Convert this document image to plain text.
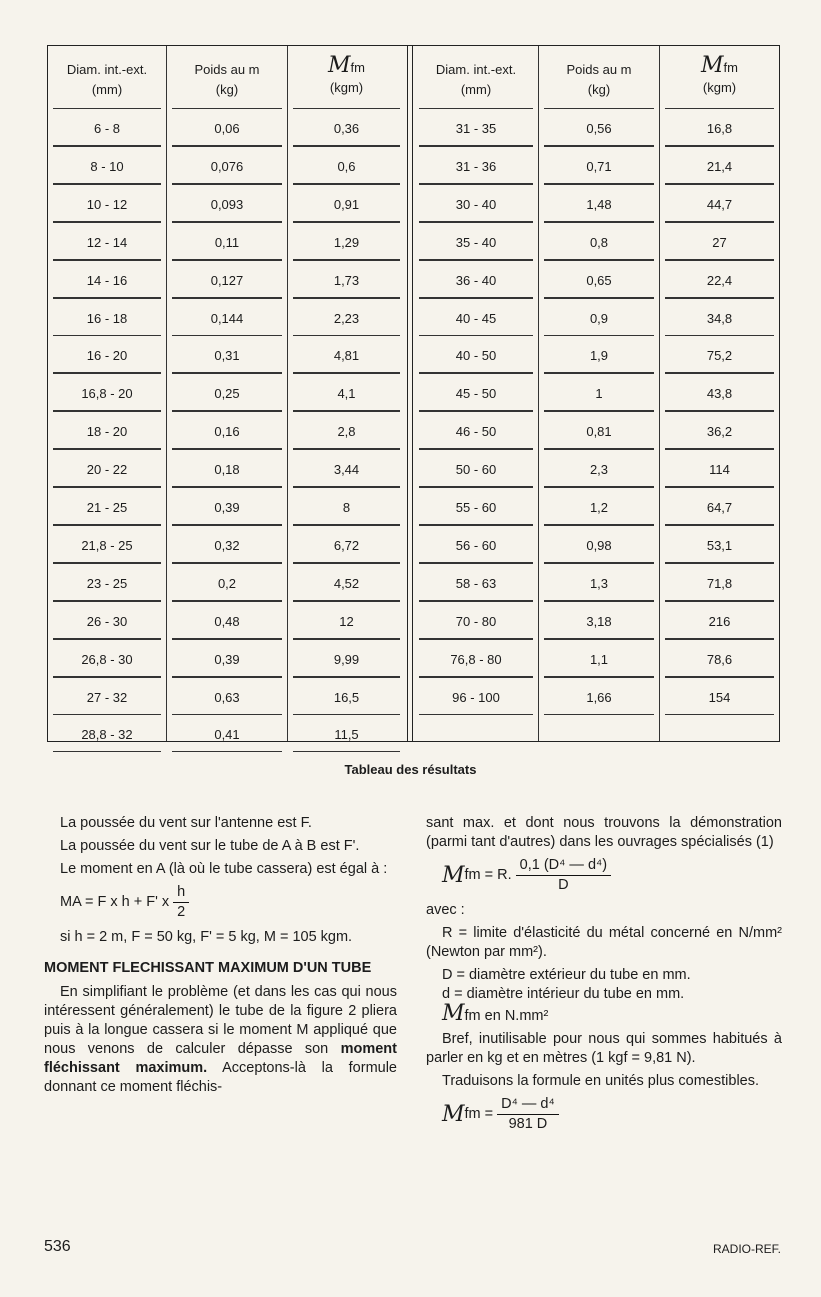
Diam. int.-ext.
(mm)
Poids au m
(kg)
Mfm
(kgm)
6 - 8	0,06	0,36
8 - 10	0,076	0,6
10 - 12	0,093	0,91
12 - 14	0,11	1,29
14 - 16	0,127	1,73
16 - 18	0,144	2,23
16 - 20	0,31	4,81
16,8 - 20	0,25	4,1
18 - 20	0,16	2,8
20 - 22	0,18	3,44
21 - 25	0,39	8
21,8 - 25	0,32	6,72
23 - 25	0,2	4,52
26 - 30	0,48	12
26,8 - 30	0,39	9,99
27 - 32	0,63	16,5
28,8 - 32	0,41	11,5
Diam. int.-ext.
(mm)
Poids au m
(kg)
Mfm
(kgm)
31 - 35	0,56	16,8
31 - 36	0,71	21,4
30 - 40	1,48	44,7
35 - 40	0,8	27
36 - 40	0,65	22,4
40 - 45	0,9	34,8
40 - 50	1,9	75,2
45 - 50	1	43,8
46 - 50	0,81	36,2
50 - 60	2,3	114
55 - 60	1,2	64,7
56 - 60	0,98	53,1
58 - 63	1,3	71,8
70 - 80	3,18	216
76,8 - 80	1,1	78,6
96 - 100	1,66	154
Tableau des résultats

La poussée du vent sur l'antenne est F.

La poussée du vent sur le tube de A à B est F'.

Le moment en A (là où le tube cassera) est égal à :

MA = F x h + F' x $\frac{h}{2}$

si h = 2 m, F = 50 kg, F' = 5 kg, M = 105 kgm.

MOMENT FLECHISSANT MAXIMUM D'UN TUBE

En simplifiant le problème (et dans les cas qui nous intéressent généralement) le tube de la figure 2 pliera puis à la longue cassera si le moment M appliqué que nous venons de calculer dépasse son moment fléchissant maximum. Acceptons-là la formule donnant ce moment fléchis-

sant max. et dont nous trouvons la démonstration (parmi tant d'autres) dans les ouvrages spécialisés (1)

M fm = R. $\frac{\text{0,1 (D⁴ — d⁴)}}{D}$

avec :

R = limite d'élasticité du métal concerné en N/mm² (Newton par mm²).

D = diamètre extérieur du tube en mm.

d = diamètre intérieur du tube en mm.

Mfm en N.mm²

Bref, inutilisable pour nous qui sommes habitués à parler en kg et en mètres (1 kgf = 9,81 N).

Traduisons la formule en unités plus comestibles.

M fm = $\frac{\text{D⁴ — d⁴}}{981 D}$
536	RADIO-REF.
